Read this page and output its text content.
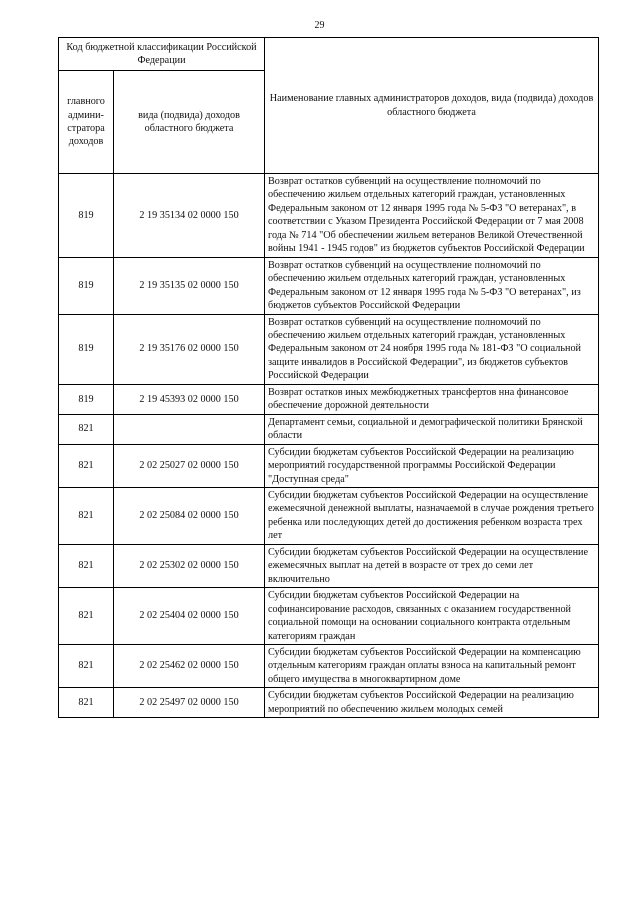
29
Код бюджетной классификации Российской Федерации		Наименование главных администраторов доходов, вида (подвида) доходов областного бюджета
главного админи-стратора доходов	вида (подвида) доходов областного бюджета	
819	2 19 35134 02 0000 150	Возврат остатков субвенций на осуществление полномочий по обеспечению жильем отдельных категорий граждан, установленных Федеральным законом от 12 января 1995 года № 5-ФЗ "О ветеранах", в соответствии с Указом Президента Российской Федерации от 7 мая 2008 года № 714 "Об обеспечении жильем ветеранов Великой Отечественной войны 1941 - 1945 годов" из бюджетов субъектов Российской Федерации
819	2 19 35135 02 0000 150	Возврат остатков субвенций на осуществление полномочий по обеспечению жильем отдельных категорий граждан, установленных Федеральным законом от 12 января 1995 года № 5-ФЗ "О ветеранах", из бюджетов субъектов Российской Федерации
819	2 19 35176 02 0000 150	Возврат остатков субвенций на осуществление полномочий по обеспечению жильем отдельных категорий граждан, установленных Федеральным законом от 24 ноября 1995 года № 181-ФЗ "О социальной защите инвалидов в Российской Федерации", из бюджетов субъектов Российской Федерации
819	2 19 45393 02 0000 150	Возврат остатков иных межбюджетных трансфертов нна финансовое обеспечение дорожной деятельности
821		Департамент семьи, социальной и демографической политики Брянской области
821	2 02 25027 02 0000 150	Субсидии бюджетам субъектов Российской Федерации на реализацию мероприятий государственной программы Российской Федерации "Доступная среда"
821	2 02 25084 02 0000 150	Субсидии бюджетам субъектов Российской Федерации на осуществление ежемесячной денежной выплаты, назначаемой в случае рождения третьего ребенка или последующих детей до достижения ребенком возраста трех лет
821	2 02 25302 02 0000 150	Субсидии бюджетам субъектов Российской Федерации на осуществление ежемесячных выплат на детей в возрасте от трех до семи лет включительно
821	2 02 25404 02 0000 150	Субсидии бюджетам субъектов Российской Федерации на софинансирование расходов, связанных с оказанием государственной социальной помощи на основании социального контракта отдельным категориям граждан
821	2 02 25462 02 0000 150	Субсидии бюджетам субъектов Российской Федерации на компенсацию отдельным категориям граждан оплаты взноса на капитальный ремонт общего имущества в многоквартирном доме
821	2 02 25497 02 0000 150	Субсидии бюджетам субъектов Российской Федерации на реализацию мероприятий по обеспечению жильем молодых семей
